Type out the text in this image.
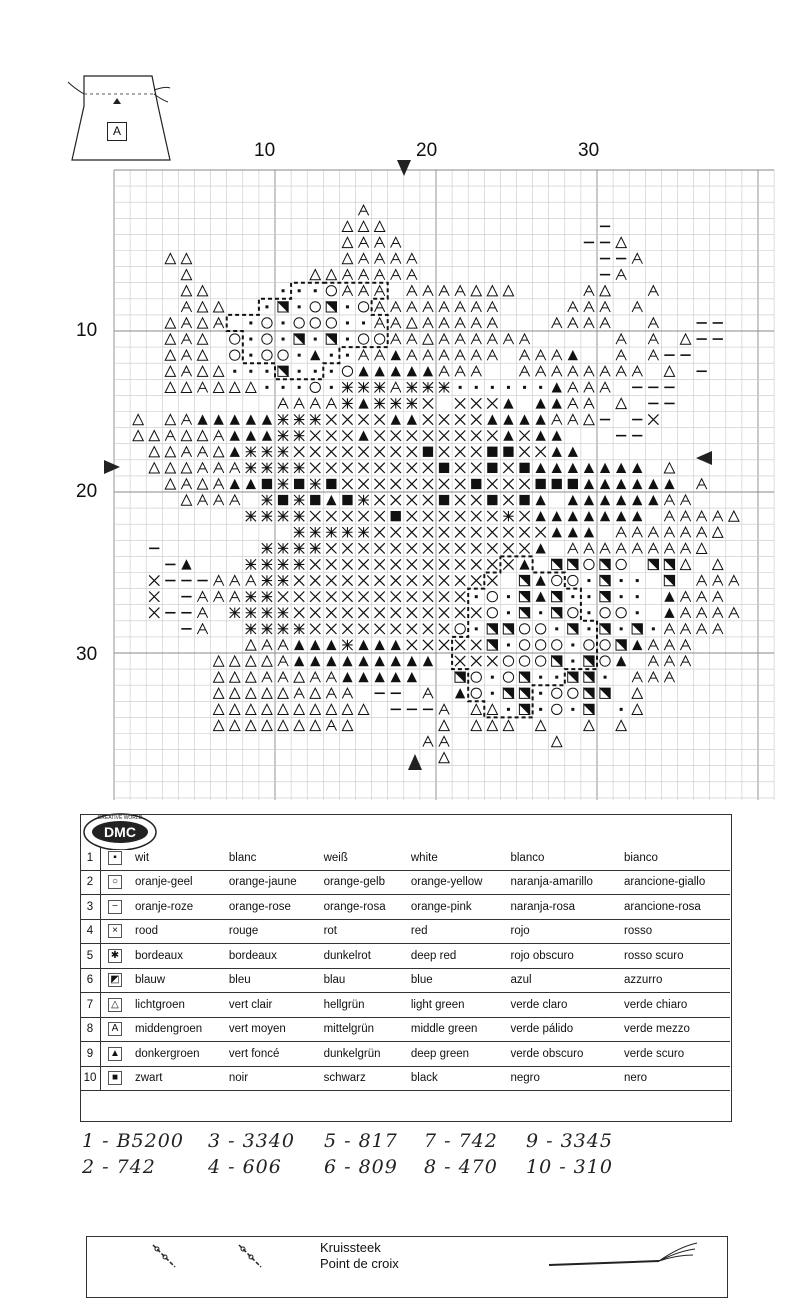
A
10	20	30
10
20
30
DMC
CREATIVE WORLD
1	▪	wit	blanc	weiß	white	blanco	bianco
2	○	oranje-geel	orange-jaune	orange-gelb	orange-yellow	naranja-amarillo	arancione-giallo
3	−	oranje-roze	orange-rose	orange-rosa	orange-pink	naranja-rosa	arancione-rosa
4	×	rood	rouge	rot	red	rojo	rosso
5	✱	bordeaux	bordeaux	dunkelrot	deep red	rojo obscuro	rosso scuro
6	◩	blauw	bleu	blau	blue	azul	azzurro
7	△	lichtgroen	vert clair	hellgrün	light green	verde claro	verde chiaro
8	A	middengroen	vert moyen	mittelgrün	middle green	verde pálido	verde mezzo
9	▲	donkergroen	vert foncé	dunkelgrün	deep green	verde obscuro	verde scuro
10	■	zwart	noir	schwarz	black	negro	nero
1 - B5200 3 - 3340 5 - 817 7 - 742 9 - 3345
2 - 742	4 - 606 6 - 809 8 - 470 10 - 310
Kruissteek
Point de croix
